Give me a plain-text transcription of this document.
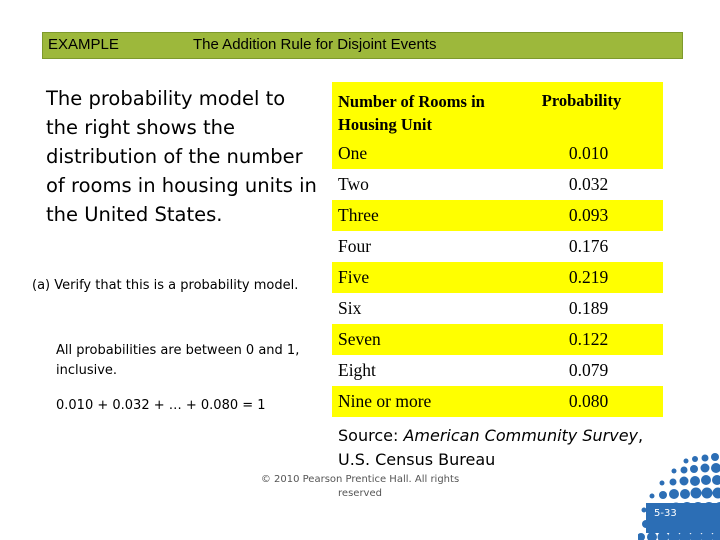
EXAMPLE	The Addition Rule for Disjoint Events
The probability model to the right shows the distribution of the number of rooms in housing units in the United States.
(a) Verify that this is a probability model.
All probabilities are between 0 and 1, inclusive.
0.010 + 0.032 + … + 0.080 = 1
Number of Rooms in Housing Unit
Probability
One	0.010
Two	0.032
Three	0.093
Four	0.176
Five	0.219
Six	0.189
Seven	0.122
Eight	0.079
Nine or more	0.080
Source: American Community Survey, U.S. Census Bureau
© 2010 Pearson Prentice Hall. All rights reserved
5-33
